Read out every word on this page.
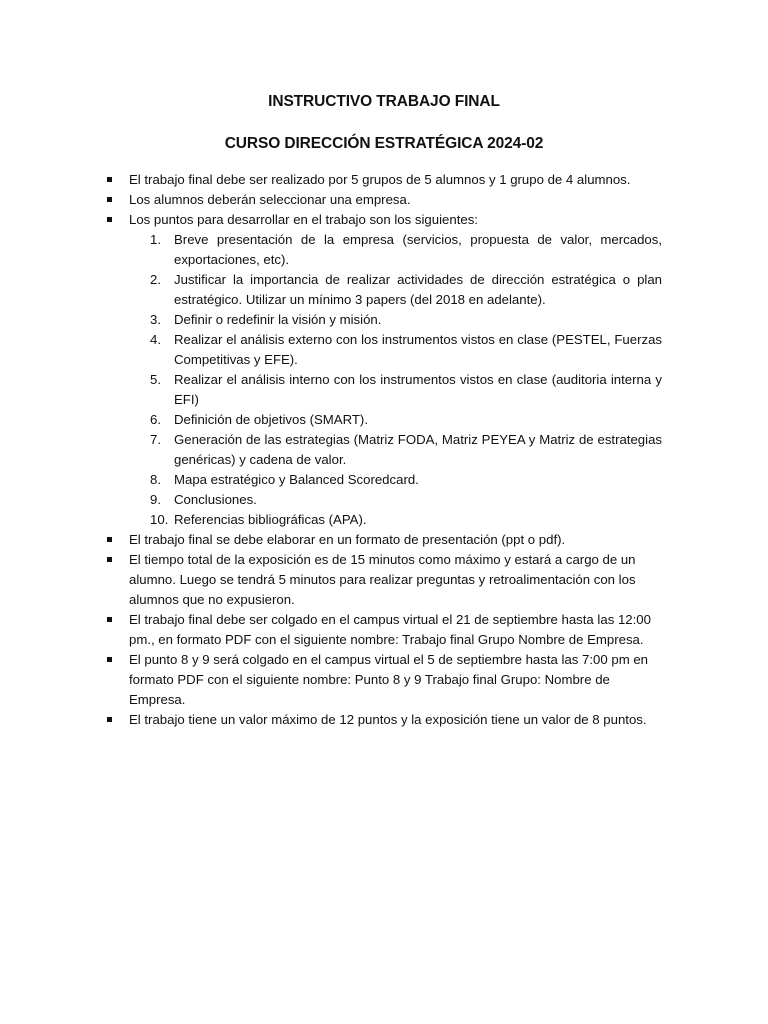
INSTRUCTIVO TRABAJO FINAL
CURSO DIRECCIÓN ESTRATÉGICA 2024-02
El trabajo final debe ser realizado por 5 grupos de 5 alumnos y 1 grupo de 4 alumnos.
Los alumnos deberán seleccionar una empresa.
Los puntos para desarrollar en el trabajo son los siguientes:
1. Breve presentación de la empresa (servicios, propuesta de valor, mercados, exportaciones, etc).
2. Justificar la importancia de realizar actividades de dirección estratégica o plan estratégico. Utilizar un mínimo 3 papers (del 2018 en adelante).
3. Definir o redefinir la visión y misión.
4. Realizar el análisis externo con los instrumentos vistos en clase (PESTEL, Fuerzas Competitivas y EFE).
5. Realizar el análisis interno con los instrumentos vistos en clase (auditoria interna y EFI)
6. Definición de objetivos (SMART).
7. Generación de las estrategias (Matriz FODA, Matriz PEYEA y Matriz de estrategias genéricas) y cadena de valor.
8. Mapa estratégico y Balanced Scoredcard.
9. Conclusiones.
10. Referencias bibliográficas (APA).
El trabajo final se debe elaborar en un formato de presentación (ppt o pdf).
El tiempo total de la exposición es de 15 minutos como máximo y estará a cargo de un alumno. Luego se tendrá 5 minutos para realizar preguntas y retroalimentación con los alumnos que no expusieron.
El trabajo final debe ser colgado en el campus virtual el 21 de septiembre hasta las 12:00 pm., en formato PDF con el siguiente nombre: Trabajo final Grupo Nombre de Empresa.
El punto 8 y 9 será colgado en el campus virtual el 5 de septiembre hasta las 7:00 pm en formato PDF con el siguiente nombre: Punto 8 y 9 Trabajo final Grupo: Nombre de Empresa.
El trabajo tiene un valor máximo de 12 puntos y la exposición tiene un valor de 8 puntos.
